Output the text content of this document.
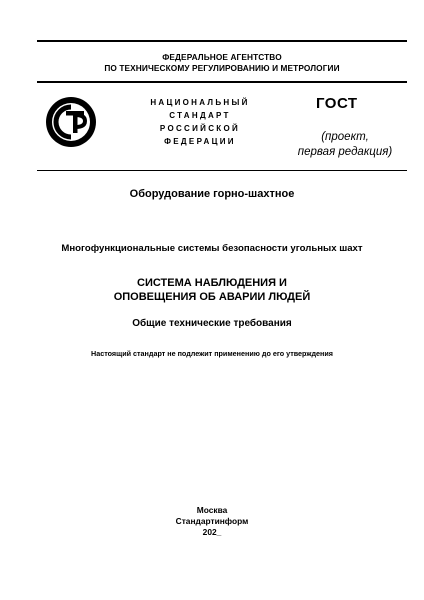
ФЕДЕРАЛЬНОЕ АГЕНТСТВО
ПО ТЕХНИЧЕСКОМУ РЕГУЛИРОВАНИЮ И МЕТРОЛОГИИ
НАЦИОНАЛЬНЫЙ
СТАНДАРТ
РОССИЙСКОЙ
ФЕДЕРАЦИИ
ГОСТ
(проект,
первая редакция)
Оборудование горно-шахтное
Многофункциональные системы безопасности угольных шахт
СИСТЕМА НАБЛЮДЕНИЯ И
ОПОВЕЩЕНИЯ ОБ АВАРИИ ЛЮДЕЙ
Общие технические требования
Настоящий стандарт не подлежит применению до его утверждения
Москва
Стандартинформ
202_
